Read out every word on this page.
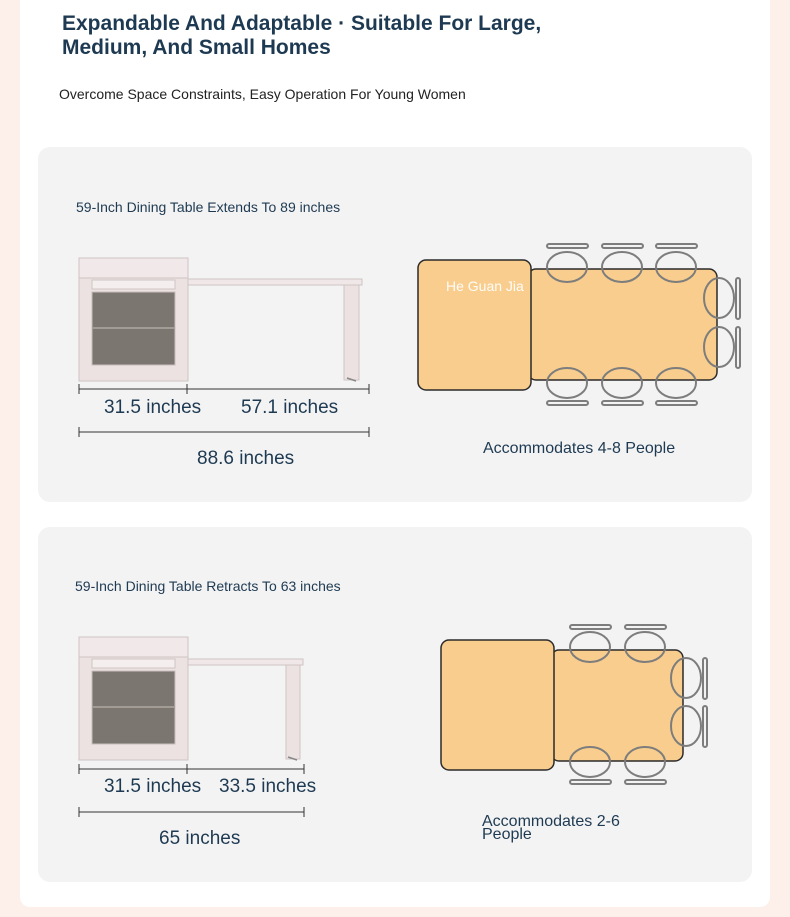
Expandable And Adaptable · Suitable For Large, Medium, And Small Homes

Overcome Space Constraints, Easy Operation For Young Women

59-Inch Dining Table Extends To 89 inches
31.5 inches 57.1 inches
88.6 inches
He Guan Jia
Accommodates 4-8 People
59-Inch Dining Table Retracts To 63 inches
31.5 inches 33.5 inches
65 inches
Accommodates 2-6 People
